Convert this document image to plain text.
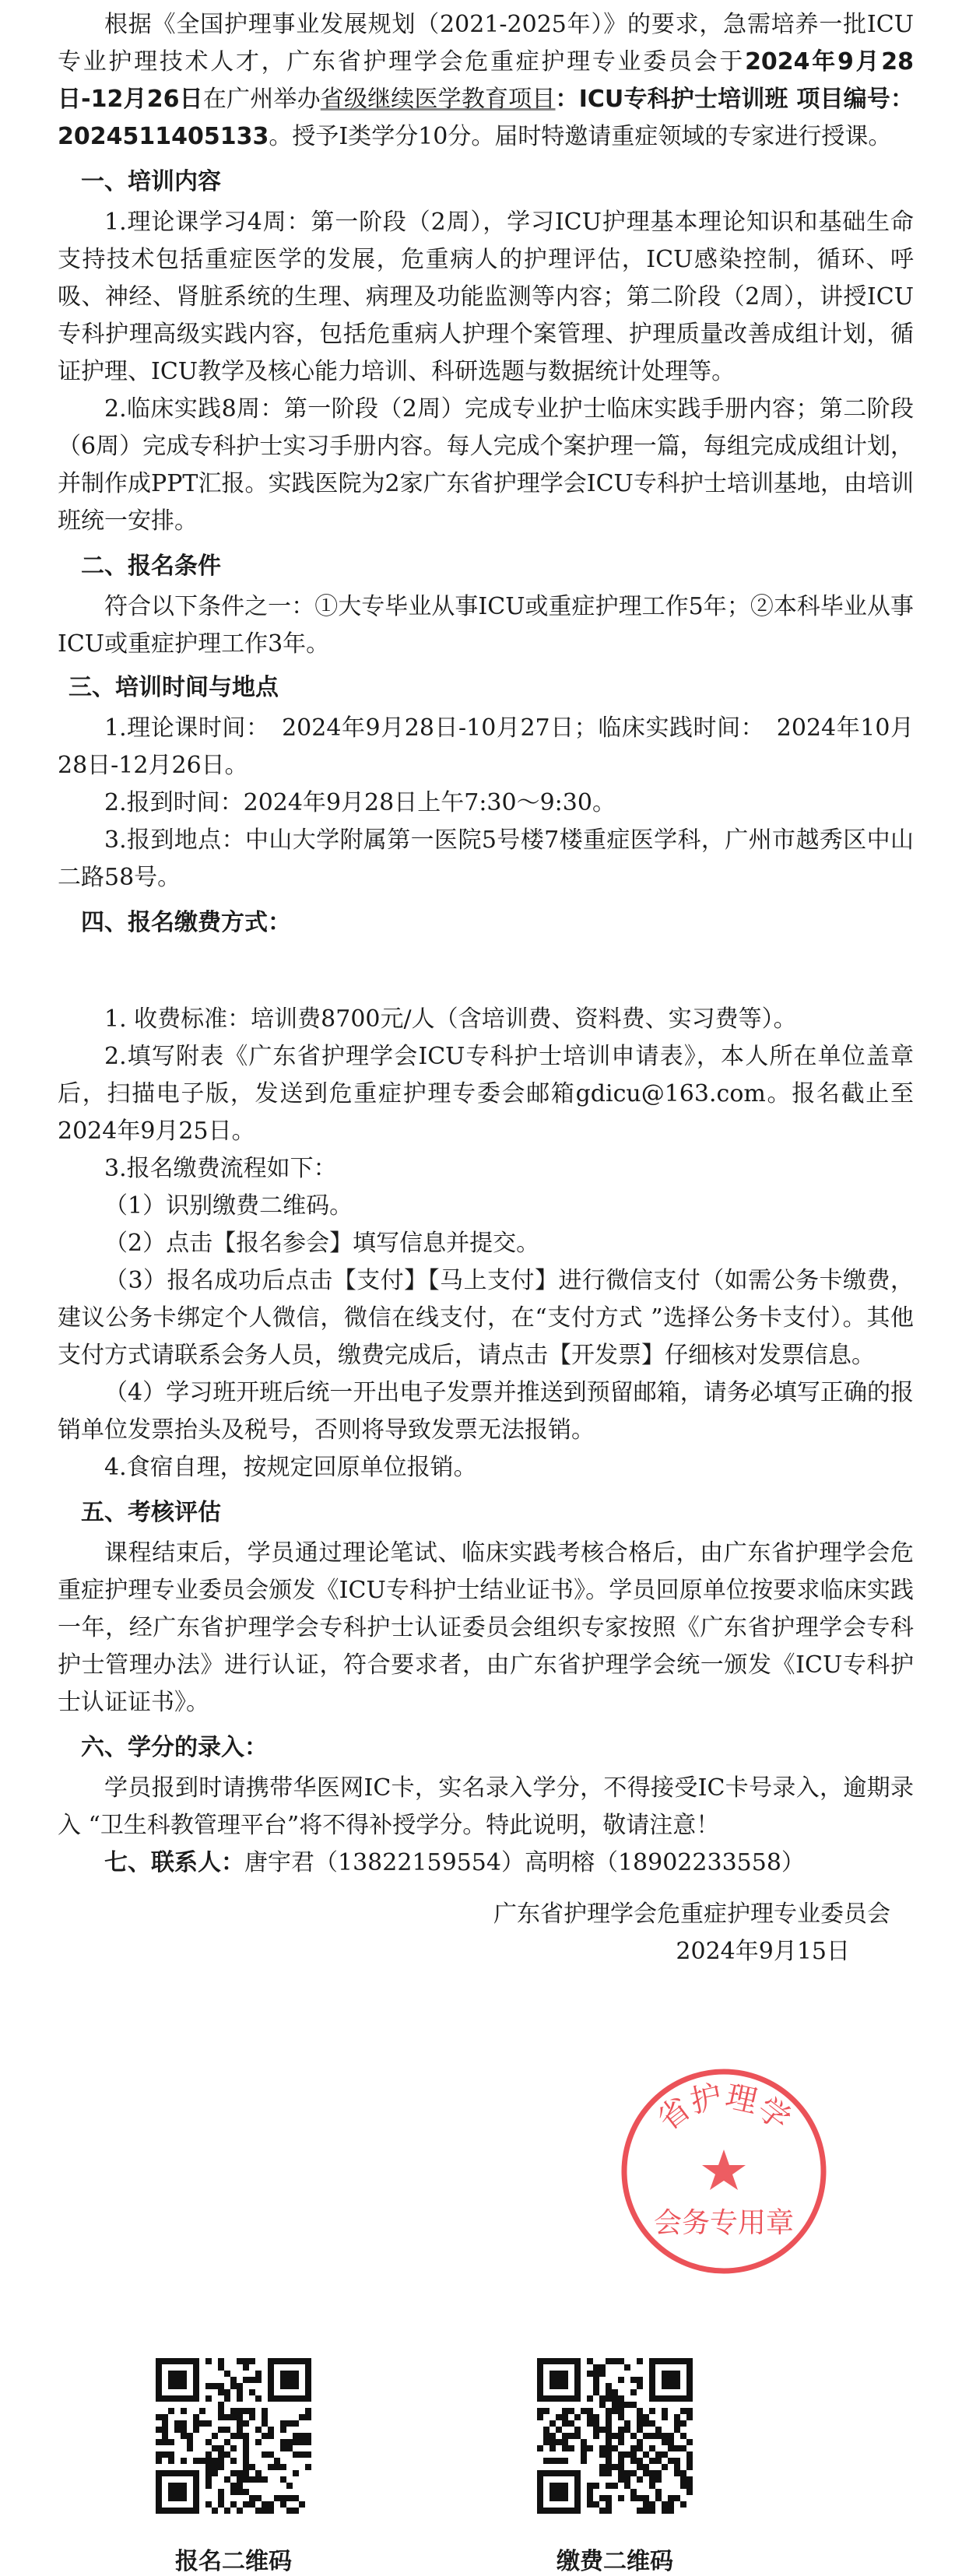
根据《全国护理事业发展规划（2021-2025年）》的要求，急需培养一批ICU专业护理技术人才，广东省护理学会危重症护理专业委员会于2024年9月28日-12月26日在广州举办省级继续医学教育项目：ICU专科护士培训班 项目编号：2024511405133。授予Ⅰ类学分10分。届时特邀请重症领域的专家进行授课。

一、培训内容

1.理论课学习4周：第一阶段（2周），学习ICU护理基本理论知识和基础生命支持技术包括重症医学的发展，危重病人的护理评估，ICU感染控制，循环、呼吸、神经、肾脏系统的生理、病理及功能监测等内容；第二阶段（2周），讲授ICU专科护理高级实践内容，包括危重病人护理个案管理、护理质量改善成组计划，循证护理、ICU教学及核心能力培训、科研选题与数据统计处理等。

2.临床实践8周：第一阶段（2周）完成专业护士临床实践手册内容；第二阶段（6周）完成专科护士实习手册内容。每人完成个案护理一篇，每组完成成组计划，并制作成PPT汇报。实践医院为2家广东省护理学会ICU专科护士培训基地，由培训班统一安排。

二、报名条件

符合以下条件之一：①大专毕业从事ICU或重症护理工作5年；②本科毕业从事ICU或重症护理工作3年。

三、培训时间与地点

1.理论课时间：　2024年9月28日-10月27日；临床实践时间：　2024年10月28日-12月26日。

2.报到时间：2024年9月28日上午7:30～9:30。

3.报到地点：中山大学附属第一医院5号楼7楼重症医学科，广州市越秀区中山二路58号。

四、报名缴费方式：

1. 收费标准：培训费8700元/人（含培训费、资料费、实习费等）。

2.填写附表《广东省护理学会ICU专科护士培训申请表》，本人所在单位盖章后，扫描电子版，发送到危重症护理专委会邮箱gdicu@163.com。报名截止至2024年9月25日。

3.报名缴费流程如下：

（1）识别缴费二维码。

（2）点击【报名参会】填写信息并提交。

（3）报名成功后点击【支付】【马上支付】进行微信支付（如需公务卡缴费，建议公务卡绑定个人微信，微信在线支付，在“支付方式 ”选择公务卡支付）。其他支付方式请联系会务人员，缴费完成后，请点击【开发票】仔细核对发票信息。

（4）学习班开班后统一开出电子发票并推送到预留邮箱，请务必填写正确的报销单位发票抬头及税号，否则将导致发票无法报销。

4.食宿自理，按规定回原单位报销。

五、考核评估

课程结束后，学员通过理论笔试、临床实践考核合格后，由广东省护理学会危重症护理专业委员会颁发《ICU专科护士结业证书》。学员回原单位按要求临床实践一年，经广东省护理学会专科护士认证委员会组织专家按照《广东省护理学会专科护士管理办法》进行认证，符合要求者，由广东省护理学会统一颁发《ICU专科护士认证证书》。

六、学分的录入：

学员报到时请携带华医网IC卡，实名录入学分，不得接受IC卡号录入，逾期录入 “卫生科教管理平台”将不得补授学分。特此说明，敬请注意！

七、联系人：唐宇君（13822159554）高明榕（18902233558）

广东省护理学会危重症护理专业委员会

2024年9月15日

省护理学
会务专用章
报名二维码	缴费二维码
